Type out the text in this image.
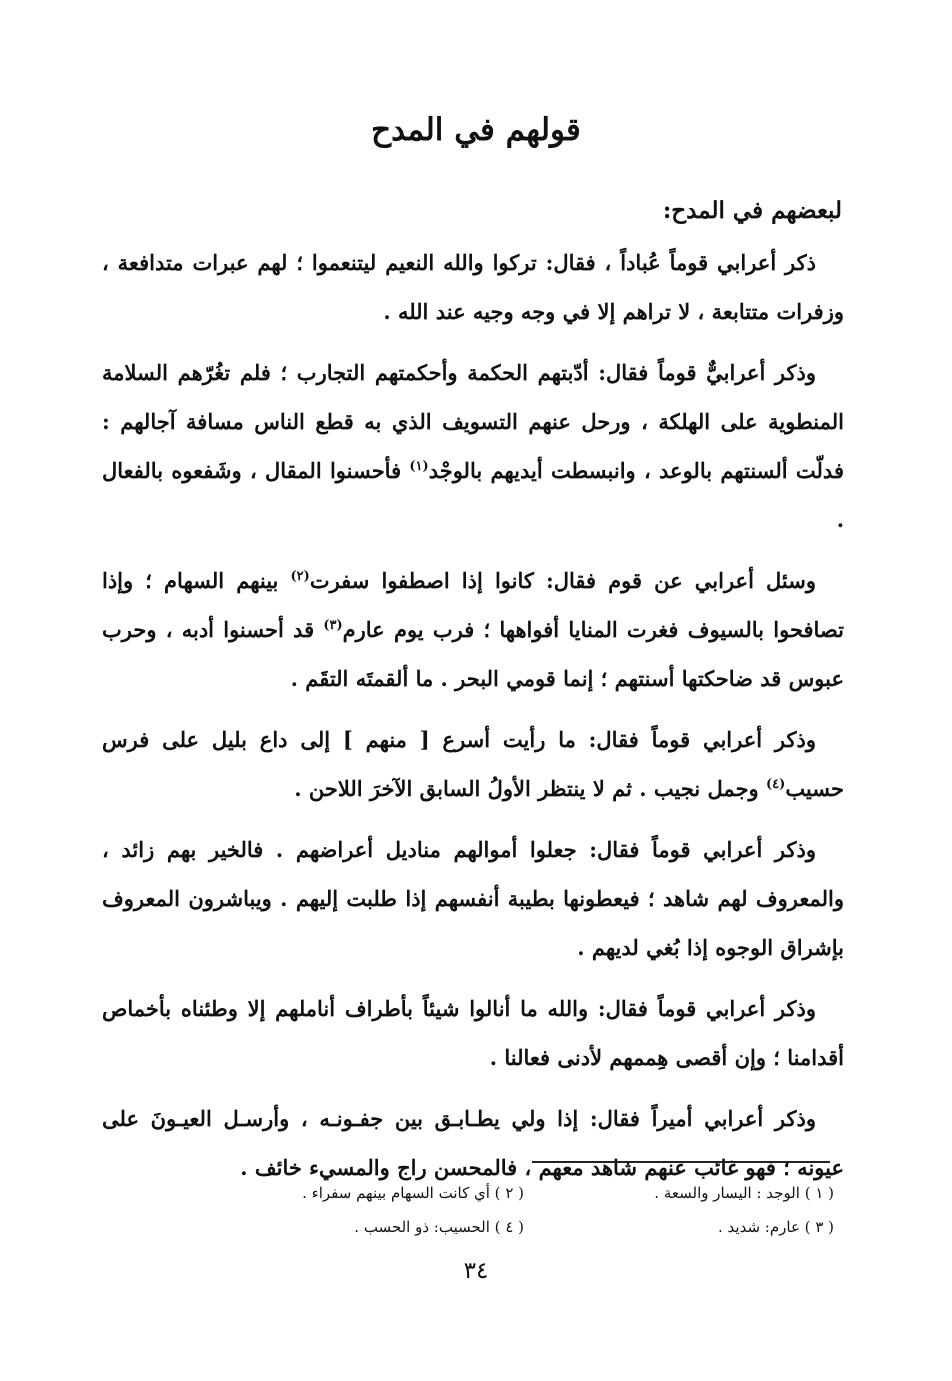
قولهم في المدح
لبعضهم في المدح:

ذكر أعرابي قوماً عُباداً ، فقال: تركوا والله النعيم ليتنعموا ؛ لهم عبرات متدافعة ، وزفرات متتابعة ، لا تراهم إلا في وجه وجيه عند الله .

وذكر أعرابيٌّ قوماً فقال: أدّبتهم الحكمة وأحكمتهم التجارب ؛ فلم تغُرّهم السلامة المنطوية على الهلكة ، ورحل عنهم التسويف الذي به قطع الناس مسافة آجالهم : فدلّت ألسنتهم بالوعد ، وانبسطت أيديهم بالوجْد$^{(١)}$ فأحسنوا المقال ، وشَفعوه بالفعال .

وسئل أعرابي عن قوم فقال: كانوا إذا اصطفوا سفرت$^{(٢)}$ بينهم السهام ؛ وإذا تصافحوا بالسيوف فغرت المنايا أفواهها ؛ فرب يوم عارم$^{(٣)}$ قد أحسنوا أدبه ، وحرب عبوس قد ضاحكتها أسنتهم ؛ إنما قومي البحر . ما ألقمتَه التقَم .

وذكر أعرابي قوماً فقال: ما رأيت أسرع [ منهم ] إلى داع بليل على فرس حسيب$^{(٤)}$ وجمل نجيب . ثم لا ينتظر الأولُ السابق الآخرَ اللاحن .

وذكر أعرابي قوماً فقال: جعلوا أموالهم مناديل أعراضهم . فالخير بهم زائد ، والمعروف لهم شاهد ؛ فيعطونها بطيبة أنفسهم إذا طلبت إليهم . ويباشرون المعروف بإشراق الوجوه إذا بُغي لديهم .

وذكر أعرابي قوماً فقال: والله ما أنالوا شيئاً بأطراف أناملهم إلا وطئناه بأخماص أقدامنا ؛ وإن أقصى هِممهم لأدنى فعالنا .

وذكر أعرابي أميراً فقال: إذا ولي يطـابـق بين جفـونـه ، وأرسـل العيـونَ على عيونه ؛ فهو غائب عنهم شاهد معهم ، فالمحسن راج والمسيء خائف .

( ١ ) الوجد : اليسار والسعة .
( ٢ ) أي كانت السهام بينهم سفراء .
( ٣ ) عارم: شديد .
( ٤ ) الحسيب: ذو الحسب .
٣٤
